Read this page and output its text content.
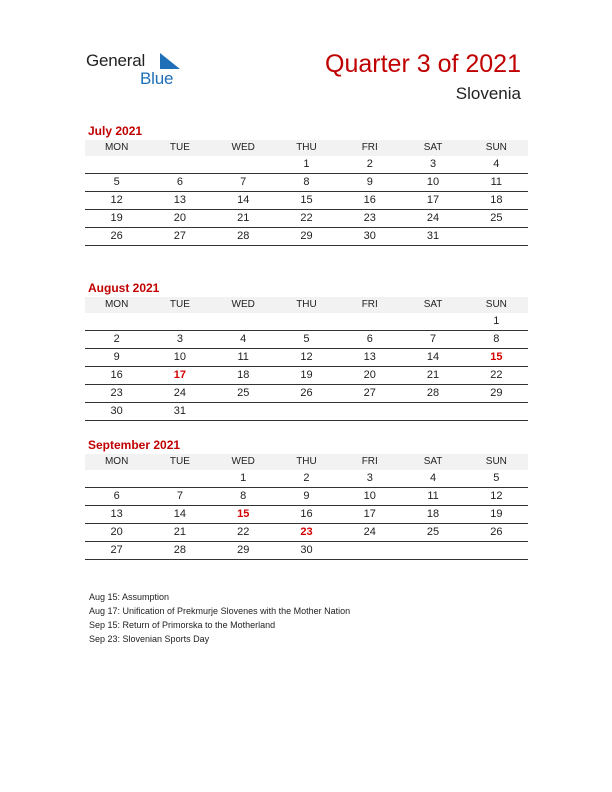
General
Blue
Quarter 3 of 2021
Slovenia
July 2021
MON	TUE	WED	THU	FRI	SAT	SUN
			1	2	3	4
5	6	7	8	9	10	11
12	13	14	15	16	17	18
19	20	21	22	23	24	25
26	27	28	29	30	31	
August 2021
MON	TUE	WED	THU	FRI	SAT	SUN
						1
2	3	4	5	6	7	8
9	10	11	12	13	14	15
16	17	18	19	20	21	22
23	24	25	26	27	28	29
30	31					
September 2021
MON	TUE	WED	THU	FRI	SAT	SUN
		1	2	3	4	5
6	7	8	9	10	11	12
13	14	15	16	17	18	19
20	21	22	23	24	25	26
27	28	29	30			
Aug 15: Assumption
Aug 17: Unification of Prekmurje Slovenes with the Mother Nation
Sep 15: Return of Primorska to the Motherland
Sep 23: Slovenian Sports Day
